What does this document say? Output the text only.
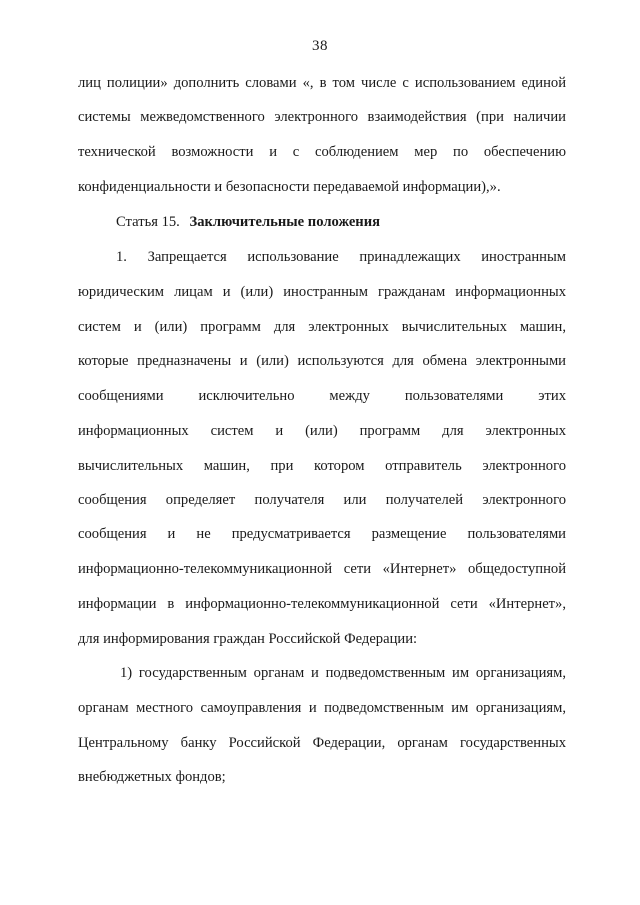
38
лиц полиции» дополнить словами «, в том числе с использованием единой
системы межведомственного электронного взаимодействия (при наличии
технической возможности и с соблюдением мер по обеспечению
конфиденциальности и безопасности передаваемой информации),».
Статья 15. Заключительные положения
1. Запрещается использование принадлежащих иностранным
юридическим лицам и (или) иностранным гражданам информационных
систем и (или) программ для электронных вычислительных машин,
которые предназначены и (или) используются для обмена электронными
сообщениями исключительно между пользователями этих
информационных систем и (или) программ для электронных
вычислительных машин, при котором отправитель электронного
сообщения определяет получателя или получателей электронного
сообщения и не предусматривается размещение пользователями
информационно-телекоммуникационной сети «Интернет» общедоступной
информации в информационно-телекоммуникационной сети «Интернет»,
для информирования граждан Российской Федерации:
1) государственным органам и подведомственным им организациям,
органам местного самоуправления и подведомственным им организациям,
Центральному банку Российской Федерации, органам государственных
внебюджетных фондов;
